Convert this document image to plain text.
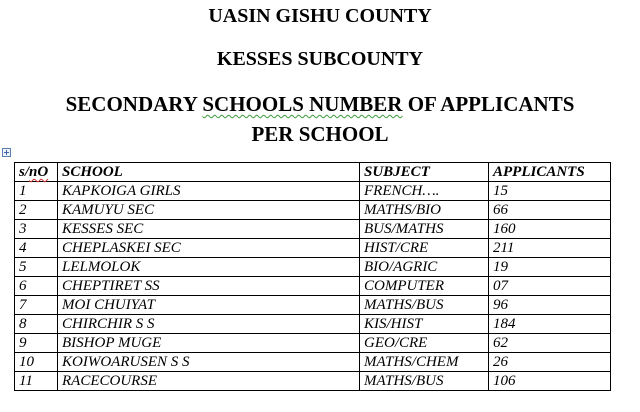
UASIN GISHU COUNTY
KESSES SUBCOUNTY
SECONDARY SCHOOLS NUMBER OF APPLICANTS
PER SCHOOL
s/nO	SCHOOL	SUBJECT	APPLICANTS
1	KAPKOIGA GIRLS	FRENCH….	15
2	KAMUYU SEC	MATHS/BIO	66
3	KESSES SEC	BUS/MATHS	160
4	CHEPLASKEI SEC	HIST/CRE	211
5	LELMOLOK	BIO/AGRIC	19
6	CHEPTIRET SS	COMPUTER	07
7	MOI CHUIYAT	MATHS/BUS	96
8	CHIRCHIR S S	KIS/HIST	184
9	BISHOP MUGE	GEO/CRE	62
10	KOIWOARUSEN S S	MATHS/CHEM	26
11	RACECOURSE	MATHS/BUS	106
